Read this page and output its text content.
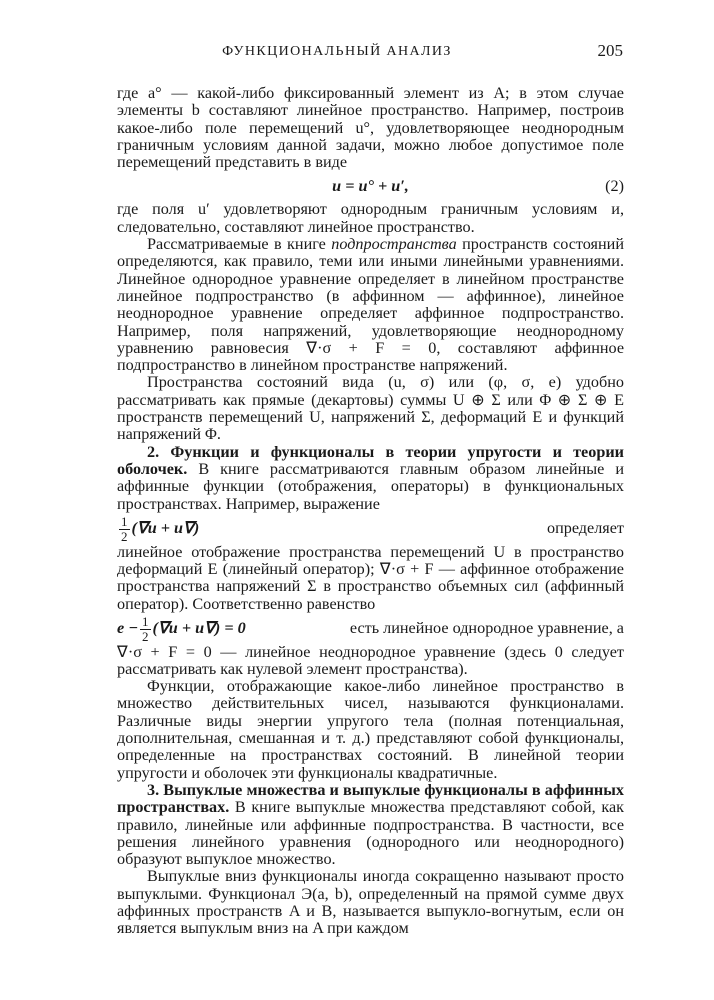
ФУНКЦИОНАЛЬНЫЙ АНАЛИЗ	205

где a° — какой-либо фиксированный элемент из A; в этом случае элементы b составляют линейное пространство. Например, построив какое-либо поле перемещений u°, удовлетворяющее неоднородным граничным условиям данной задачи, можно любое допустимое поле перемещений представить в виде

u = u° + u′,	(2)

где поля u′ удовлетворяют однородным граничным условиям и, следовательно, составляют линейное пространство.

Рассматриваемые в книге подпространства пространств состояний определяются, как правило, теми или иными линейными уравнениями. Линейное однородное уравнение определяет в линейном пространстве линейное подпространство (в аффинном — аффинное), линейное неоднородное уравнение определяет аффинное подпространство. Например, поля напряжений, удовлетворяющие неоднородному уравнению равновесия ∇·σ + F = 0, составляют аффинное подпространство в линейном пространстве напряжений.

Пространства состояний вида (u, σ) или (φ, σ, e) удобно рассматривать как прямые (декартовы) суммы U ⊕ Σ или Φ ⊕ Σ ⊕ E пространств перемещений U, напряжений Σ, деформаций E и функций напряжений Φ.

2. Функции и функционалы в теории упругости и теории оболочек. В книге рассматриваются главным образом линейные и аффинные функции (отображения, операторы) в функциональных пространствах. Например, выражение

$\frac{1}{2} (\nabla u + u\nabla)$	определяет

линейное отображение пространства перемещений U в пространство деформаций E (линейный оператор); ∇·σ + F — аффинное отображение пространства напряжений Σ в пространство объемных сил (аффинный оператор). Соответственно равенство

$e - \frac{1}{2} (\nabla u + u\nabla) = 0$	есть линейное однородное уравнение, а

∇·σ + F = 0 — линейное неоднородное уравнение (здесь 0 следует рассматривать как нулевой элемент пространства).

Функции, отображающие какое-либо линейное пространство в множество действительных чисел, называются функционалами. Различные виды энергии упругого тела (полная потенциальная, дополнительная, смешанная и т. д.) представляют собой функционалы, определенные на пространствах состояний. В линейной теории упругости и оболочек эти функционалы квадратичные.

3. Выпуклые множества и выпуклые функционалы в аффинных пространствах. В книге выпуклые множества представляют собой, как правило, линейные или аффинные подпространства. В частности, все решения линейного уравнения (однородного или неоднородного) образуют выпуклое множество.

Выпуклые вниз функционалы иногда сокращенно называют просто выпуклыми. Функционал Э(a, b), определенный на прямой сумме двух аффинных пространств A и B, называется выпукло-вогнутым, если он является выпуклым вниз на A при каждом
